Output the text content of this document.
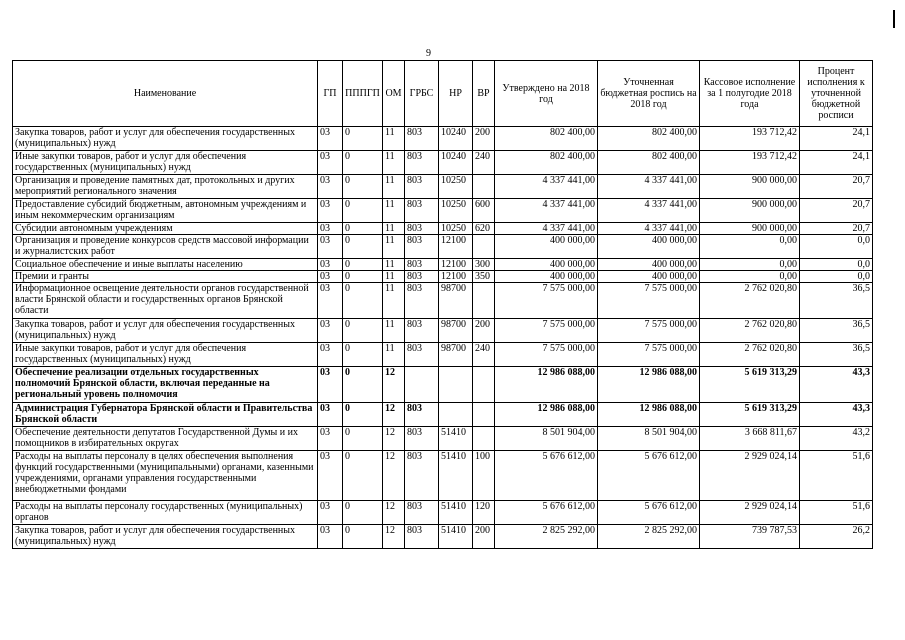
9
Наименование	ГП	ПППГП	ОМ	ГРБС	НР	ВР	Утверждено на 2018 год	Уточненная бюджетная роспись на 2018 год	Кассовое исполнение за 1 полугодие 2018 года	Процент исполнения к уточненной бюджетной росписи
Закупка товаров, работ и услуг для обеспечения государственных (муниципальных) нужд	03	0	11	803	10240	200	802 400,00	802 400,00	193 712,42	24,1
Иные закупки товаров, работ и услуг для обеспечения государственных (муниципальных) нужд	03	0	11	803	10240	240	802 400,00	802 400,00	193 712,42	24,1
Организация и проведение памятных дат, протокольных и других мероприятий регионального значения	03	0	11	803	10250		4 337 441,00	4 337 441,00	900 000,00	20,7
Предоставление субсидий бюджетным, автономным учреждениям и иным некоммерческим организациям	03	0	11	803	10250	600	4 337 441,00	4 337 441,00	900 000,00	20,7
Субсидии автономным учреждениям	03	0	11	803	10250	620	4 337 441,00	4 337 441,00	900 000,00	20,7
Организация и проведение конкурсов средств массовой информации и журналистских работ	03	0	11	803	12100		400 000,00	400 000,00	0,00	0,0
Социальное обеспечение и иные выплаты населению	03	0	11	803	12100	300	400 000,00	400 000,00	0,00	0,0
Премии и гранты	03	0	11	803	12100	350	400 000,00	400 000,00	0,00	0,0
Информационное освещение деятельности органов государственной власти Брянской области и государственных органов Брянской области	03	0	11	803	98700		7 575 000,00	7 575 000,00	2 762 020,80	36,5
Закупка товаров, работ и услуг для обеспечения государственных (муниципальных) нужд	03	0	11	803	98700	200	7 575 000,00	7 575 000,00	2 762 020,80	36,5
Иные закупки товаров, работ и услуг для обеспечения государственных (муниципальных) нужд	03	0	11	803	98700	240	7 575 000,00	7 575 000,00	2 762 020,80	36,5
Обеспечение реализации отдельных государственных полномочий Брянской области, включая переданные на региональный уровень полномочия	03	0	12				12 986 088,00	12 986 088,00	5 619 313,29	43,3
Администрация Губернатора Брянской области и Правительства Брянской области	03	0	12	803			12 986 088,00	12 986 088,00	5 619 313,29	43,3
Обеспечение деятельности депутатов Государственной Думы и их помощников в избирательных округах	03	0	12	803	51410		8 501 904,00	8 501 904,00	3 668 811,67	43,2
Расходы на выплаты персоналу в целях обеспечения выполнения функций государственными (муниципальными) органами, казенными учреждениями, органами управления государственными внебюджетными фондами	03	0	12	803	51410	100	5 676 612,00	5 676 612,00	2 929 024,14	51,6
Расходы на выплаты персоналу государственных (муниципальных) органов	03	0	12	803	51410	120	5 676 612,00	5 676 612,00	2 929 024,14	51,6
Закупка товаров, работ и услуг для обеспечения государственных (муниципальных) нужд	03	0	12	803	51410	200	2 825 292,00	2 825 292,00	739 787,53	26,2
